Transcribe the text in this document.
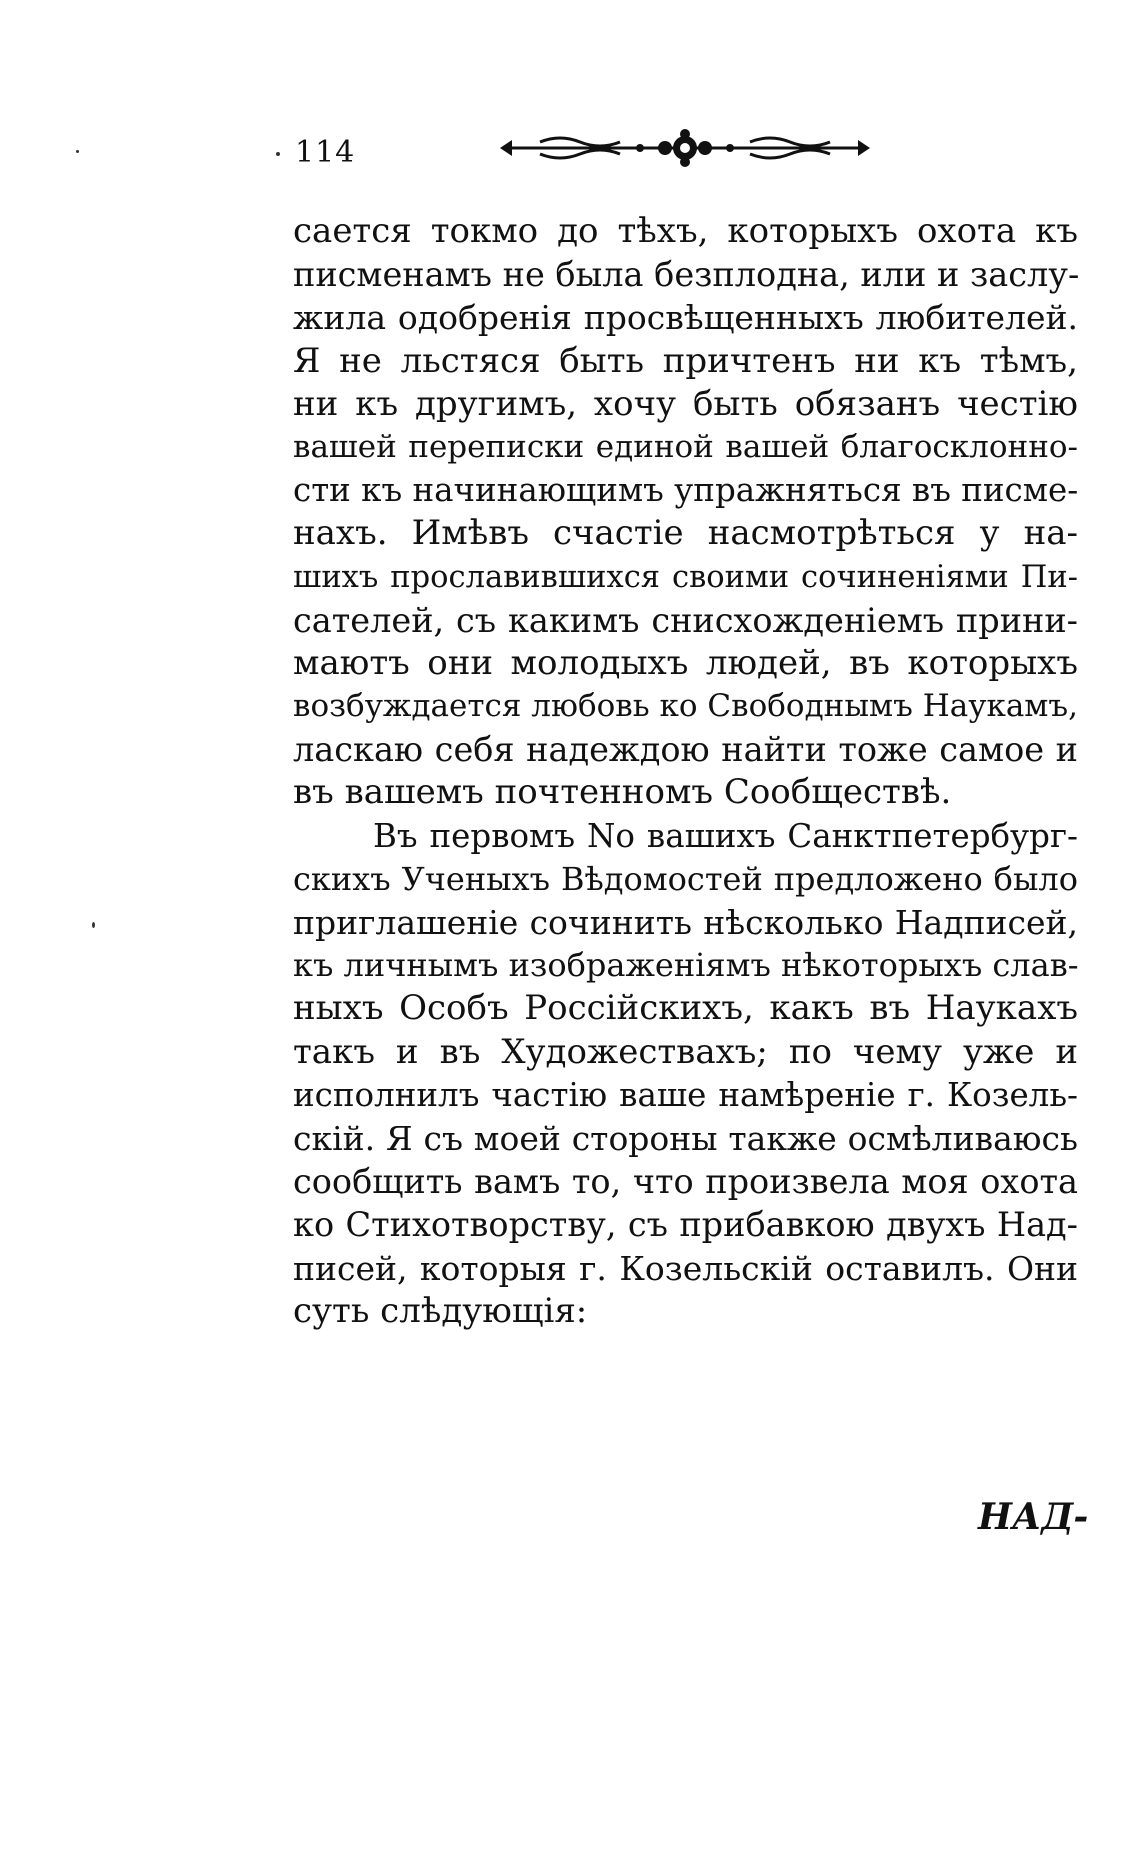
114
сается токмо до тѣхъ, которыхъ охота къ
писменамъ не была безплодна, или и заслу-
жила одобренія просвѣщенныхъ любителей.
Я не льстяся быть причтенъ ни къ тѣмъ,
ни къ другимъ, хочу быть обязанъ честію
вашей переписки единой вашей благосклонно-
сти къ начинающимъ упражняться въ писме-
нахъ. Имѣвъ счастіе насмотрѣться у на-
шихъ прославившихся своими сочиненіями Пи-
сателей, съ какимъ снисхожденіемъ прини-
маютъ они молодыхъ людей, въ которыхъ
возбуждается любовь ко Свободнымъ Наукамъ,
ласкаю себя надеждою найти тоже самое и
въ вашемъ почтенномъ Сообществѣ.
Въ первомъ No вашихъ Санктпетербург-
скихъ Ученыхъ Вѣдомостей предложено было
приглашеніе сочинить нѣсколько Надписей,
къ личнымъ изображеніямъ нѣкоторыхъ слав-
ныхъ Особъ Россійскихъ, какъ въ Наукахъ
такъ и въ Художествахъ; по чему уже и
исполнилъ частію ваше намѣреніе г. Козель-
скій. Я съ моей стороны также осмѣливаюсь
сообщить вамъ то, что произвела моя охота
ко Стихотворству, съ прибавкою двухъ Над-
писей, которыя г. Козельскій оставилъ. Они
суть слѣдующія:
НАД-
